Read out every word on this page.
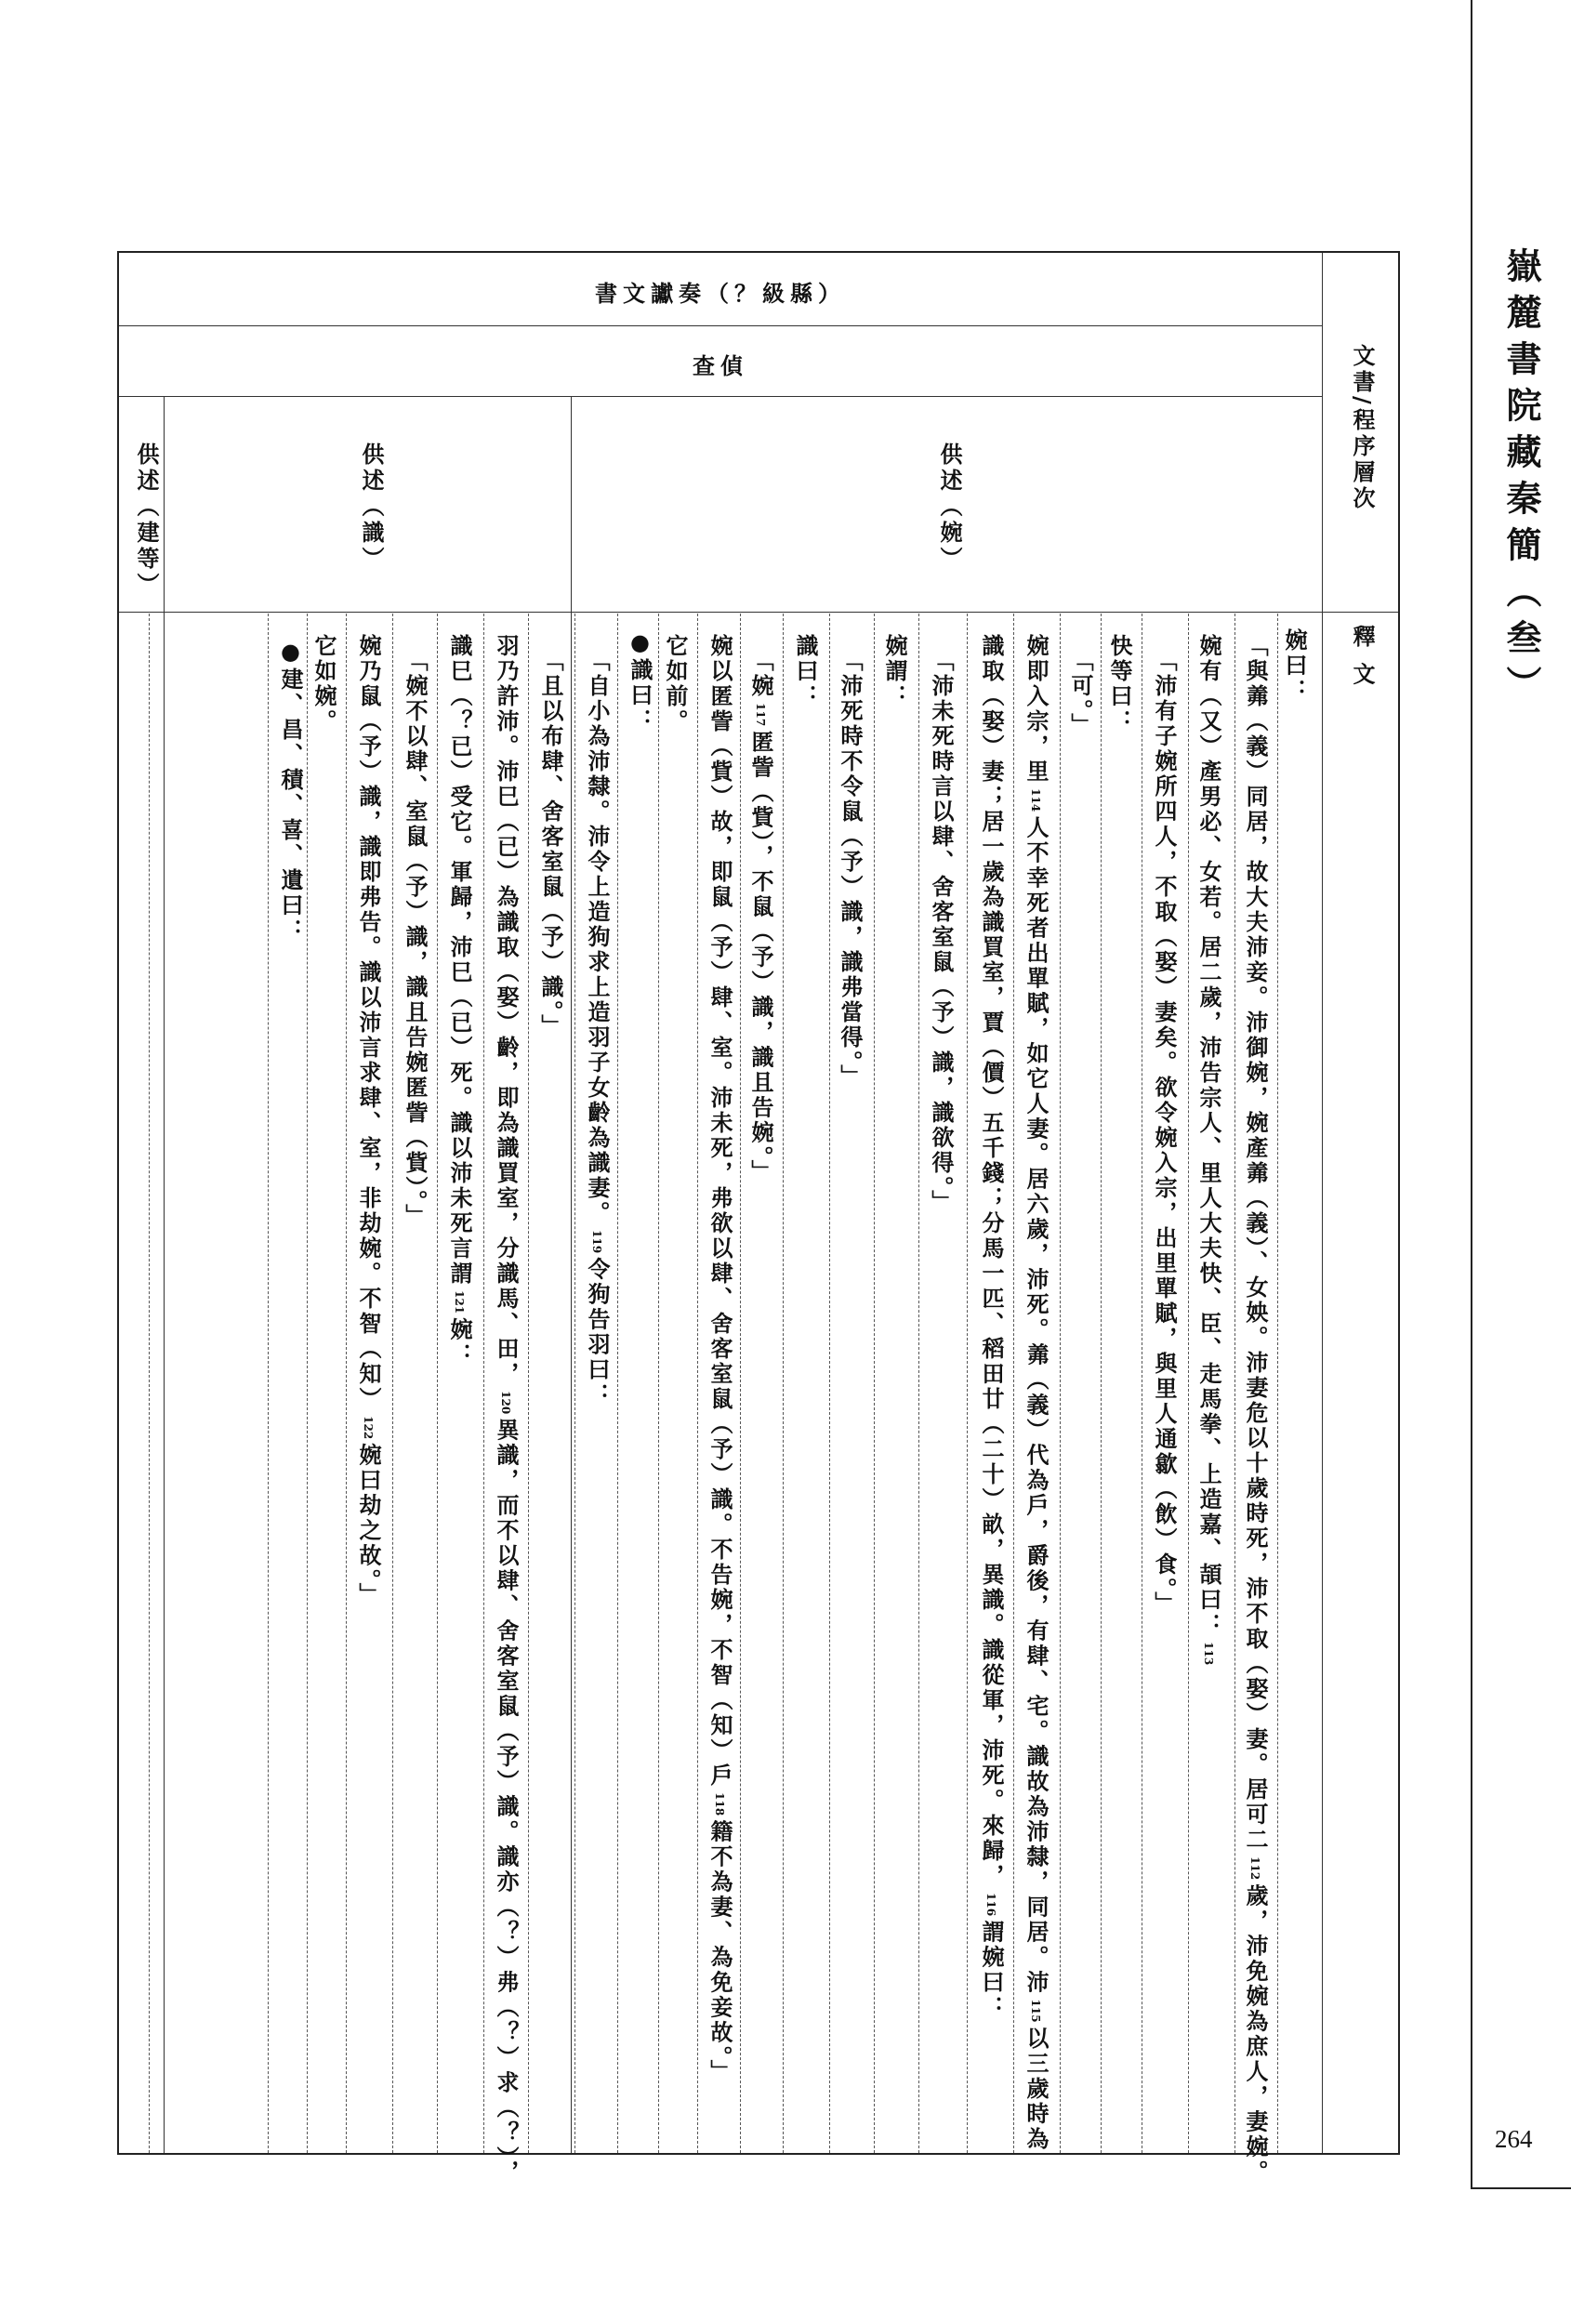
嶽麓書院藏秦簡（叁）
264
書文讞奏（？級縣）
查偵	文書/程序層次
釋 文
供述（婉）
供述（識）
供述（建等）
婉曰：
「與羛（義）同居，故大夫沛妾。沛御婉，婉產羛（義）、女姎。沛妻危以十歲時死，沛不取（娶）妻。居可二 112 歲，沛免婉為庶人，妻婉。
婉有（又）產男必、女若。居二歲，沛告宗人、里人大夫快、臣、走馬拳、上造嘉、頡曰： 113
「沛有子婉所四人，不取（娶）妻矣。欲令婉入宗，出里單賦，與里人通歙（飲）食。」
快等曰：
「可。」
婉即入宗，里 114 人不幸死者出單賦，如它人妻。居六歲，沛死。羛（義）代為戶，爵後，有肆、宅。識故為沛隸，同居。沛 115 以三歲時為
識取（娶）妻；居一歲為識買室，賈（價）五千錢；分馬一匹、稻田廿（二十）畝，異識。識從軍，沛死。來歸， 116 謂婉曰：
「沛未死時言以肆、舍客室鼠（予）識，識欲得。」
婉謂：
「沛死時不令鼠（予）識，識弗當得。」
識曰：
「婉 117 匿訾（貲），不鼠（予）識，識且告婉。」
婉以匿訾（貲）故，即鼠（予）肆、室。沛未死，弗欲以肆、舍客室鼠（予）識。不告婉，不智（知）戶 118 籍不為妻、為免妾故。」
它如前。
●識曰：
「自小為沛隸。沛令上造狗求上造羽子女齡為識妻。 119 令狗告羽曰：
「且以布肆、舍客室鼠（予）識。」
羽乃許沛。沛巳（已）為識取（娶）齡，即為識買室，分識馬、田， 120 異識，而不以肆、舍客室鼠（予）識。識亦（？）弗（？）求（？），
識巳（？已）受它。軍歸，沛巳（已）死。識以沛未死言謂 121 婉：
「婉不以肆、室鼠（予）識，識且告婉匿訾（貲）。」
婉乃鼠（予）識，識即弗告。識以沛言求肆、室，非劫婉。不智（知） 122 婉曰劫之故。」
它如婉。
●建、昌、積、喜、遺曰：
